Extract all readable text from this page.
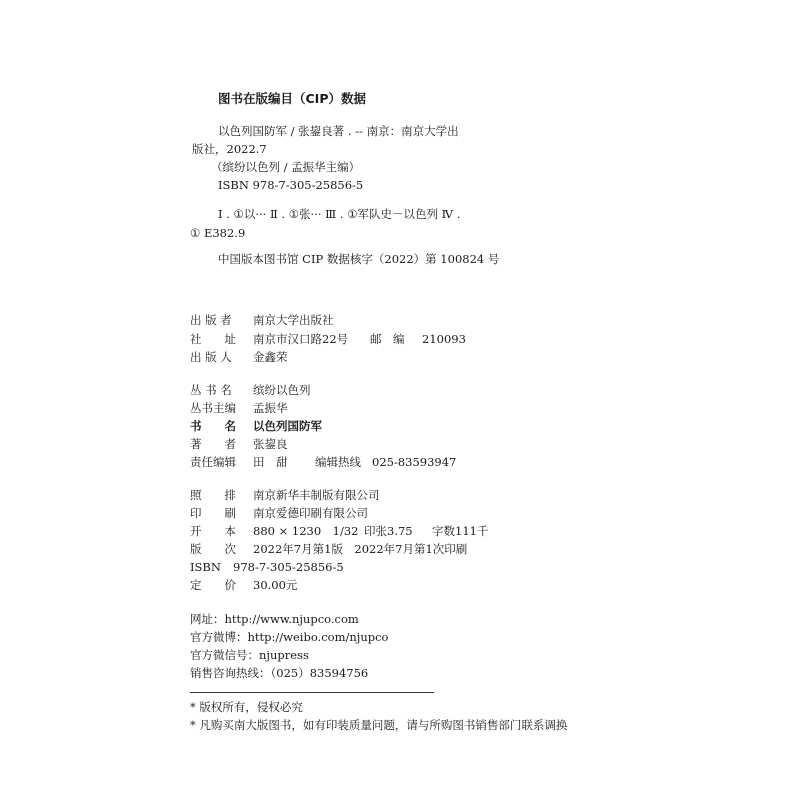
图书在版编目（CIP）数据
以色列国防军 / 张鋆良著 . -- 南京：南京大学出
版社，2022.7
（缤纷以色列 / 孟振华主编）
ISBN 978-7-305-25856-5
Ⅰ . ①以··· Ⅱ . ①张··· Ⅲ . ①军队史－以色列 Ⅳ .
① E382.9
中国版本图书馆 CIP 数据核字（2022）第 100824 号
出 版 者 南京大学出版社
社　　址 南京市汉口路22号 邮　编 210093
出 版 人 金鑫荣
丛 书 名 缤纷以色列
丛书主编 孟振华
书　　名 以色列国防军
著　　者 张鋆良
责任编辑 田　甜 编辑热线 025-83593947
照　　排 南京新华丰制版有限公司
印　　刷 南京爱德印刷有限公司
开　　本 880 × 1230　1/32 印张3.75 字数111千
版　　次 2022年7月第1版　2022年7月第1次印刷
ISBN 978-7-305-25856-5
定　　价 30.00元
网址：http://www.njupco.com
官方微博：http://weibo.com/njupco
官方微信号：njupress
销售咨询热线：（025）83594756
* 版权所有，侵权必究
* 凡购买南大版图书，如有印装质量问题，请与所购图书销售部门联系调换
